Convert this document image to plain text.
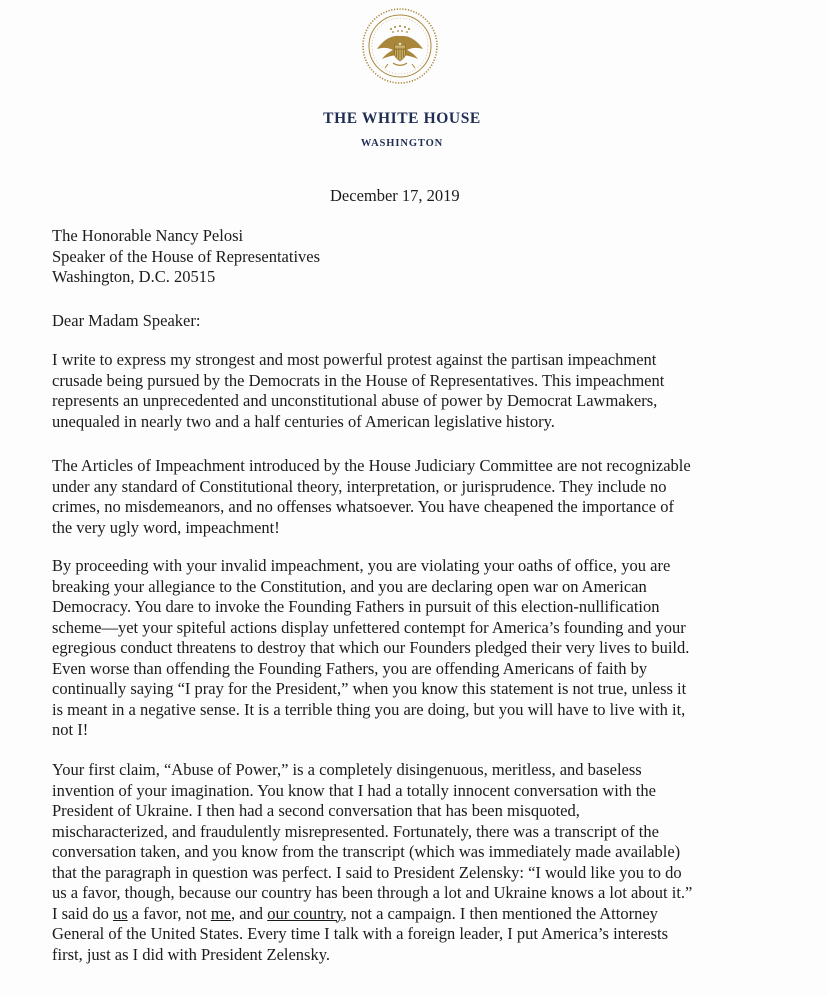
THE WHITE HOUSE
WASHINGTON
December 17, 2019
The Honorable Nancy Pelosi
Speaker of the House of Representatives
Washington, D.C. 20515
Dear Madam Speaker:
I write to express my strongest and most powerful protest against the partisan impeachment
crusade being pursued by the Democrats in the House of Representatives. This impeachment
represents an unprecedented and unconstitutional abuse of power by Democrat Lawmakers,
unequaled in nearly two and a half centuries of American legislative history.
The Articles of Impeachment introduced by the House Judiciary Committee are not recognizable
under any standard of Constitutional theory, interpretation, or jurisprudence. They include no
crimes, no misdemeanors, and no offenses whatsoever. You have cheapened the importance of
the very ugly word, impeachment!
By proceeding with your invalid impeachment, you are violating your oaths of office, you are
breaking your allegiance to the Constitution, and you are declaring open war on American
Democracy. You dare to invoke the Founding Fathers in pursuit of this election-nullification
scheme—yet your spiteful actions display unfettered contempt for America’s founding and your
egregious conduct threatens to destroy that which our Founders pledged their very lives to build.
Even worse than offending the Founding Fathers, you are offending Americans of faith by
continually saying “I pray for the President,” when you know this statement is not true, unless it
is meant in a negative sense. It is a terrible thing you are doing, but you will have to live with it,
not I!
Your first claim, “Abuse of Power,” is a completely disingenuous, meritless, and baseless
invention of your imagination. You know that I had a totally innocent conversation with the
President of Ukraine. I then had a second conversation that has been misquoted,
mischaracterized, and fraudulently misrepresented. Fortunately, there was a transcript of the
conversation taken, and you know from the transcript (which was immediately made available)
that the paragraph in question was perfect. I said to President Zelensky: “I would like you to do
us a favor, though, because our country has been through a lot and Ukraine knows a lot about it.”
I said do us a favor, not me, and our country, not a campaign. I then mentioned the Attorney
General of the United States. Every time I talk with a foreign leader, I put America’s interests
first, just as I did with President Zelensky.
